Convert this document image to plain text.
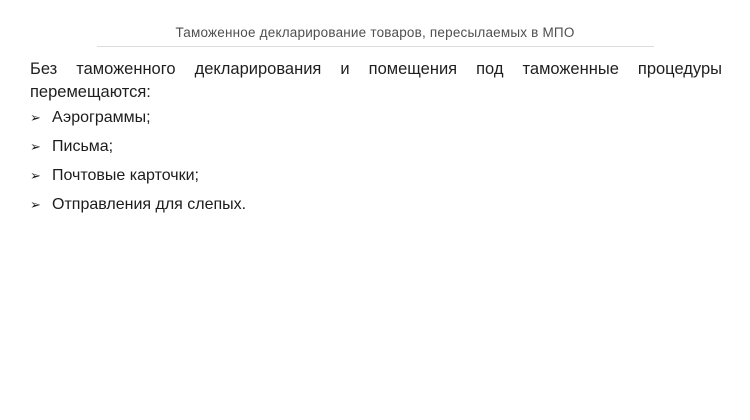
Таможенное декларирование товаров, пересылаемых в МПО
Без таможенного декларирования и помещения под таможенные процедуры
перемещаются:
➢ Аэрограммы;
➢ Письма;
➢ Почтовые карточки;
➢ Отправления для слепых.
